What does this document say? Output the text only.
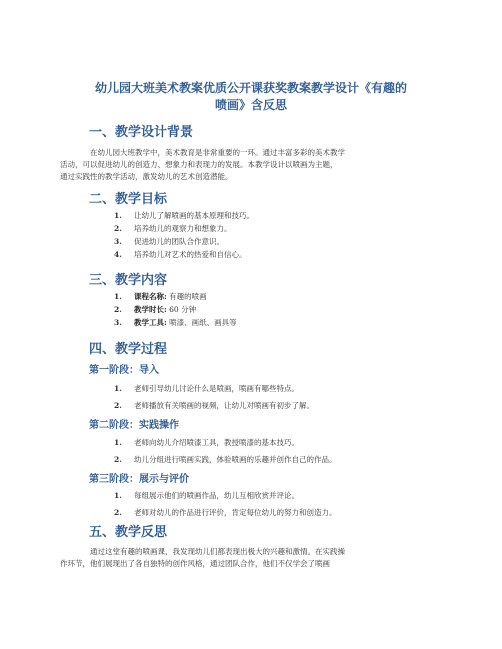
幼儿园大班美术教案优质公开课获奖教案教学设计《有趣的
喷画》含反思
一、教学设计背景
在幼儿园大班教学中，美术教育是非常重要的一环。通过丰富多彩的美术教学
活动，可以促进幼儿的创造力、想象力和表现力的发展。本教学设计以喷画为主题，
通过实践性的教学活动，激发幼儿的艺术创造潜能。
二、教学目标
1. 让幼儿了解喷画的基本原理和技巧。
2. 培养幼儿的观察力和想象力。
3. 促进幼儿的团队合作意识。
4. 培养幼儿对艺术的热爱和自信心。
三、教学内容
1. 课程名称: 有趣的喷画
2. 教学时长: 60 分钟
3. 教学工具: 喷漆、画纸、画具等
四、教学过程
第一阶段：导入
1. 老师引导幼儿讨论什么是喷画，喷画有哪些特点。
2. 老师播放有关喷画的视频，让幼儿对喷画有初步了解。
第二阶段：实践操作
1. 老师向幼儿介绍喷漆工具，教授喷漆的基本技巧。
2. 幼儿分组进行喷画实践，体验喷画的乐趣并创作自己的作品。
第三阶段：展示与评价
1. 每组展示他们的喷画作品，幼儿互相欣赏并评论。
2. 老师对幼儿的作品进行评价，肯定每位幼儿的努力和创造力。
五、教学反思
通过这堂有趣的喷画课，我发现幼儿们都表现出极大的兴趣和激情。在实践操
作环节，他们展现出了各自独特的创作风格，通过团队合作，他们不仅学会了喷画
